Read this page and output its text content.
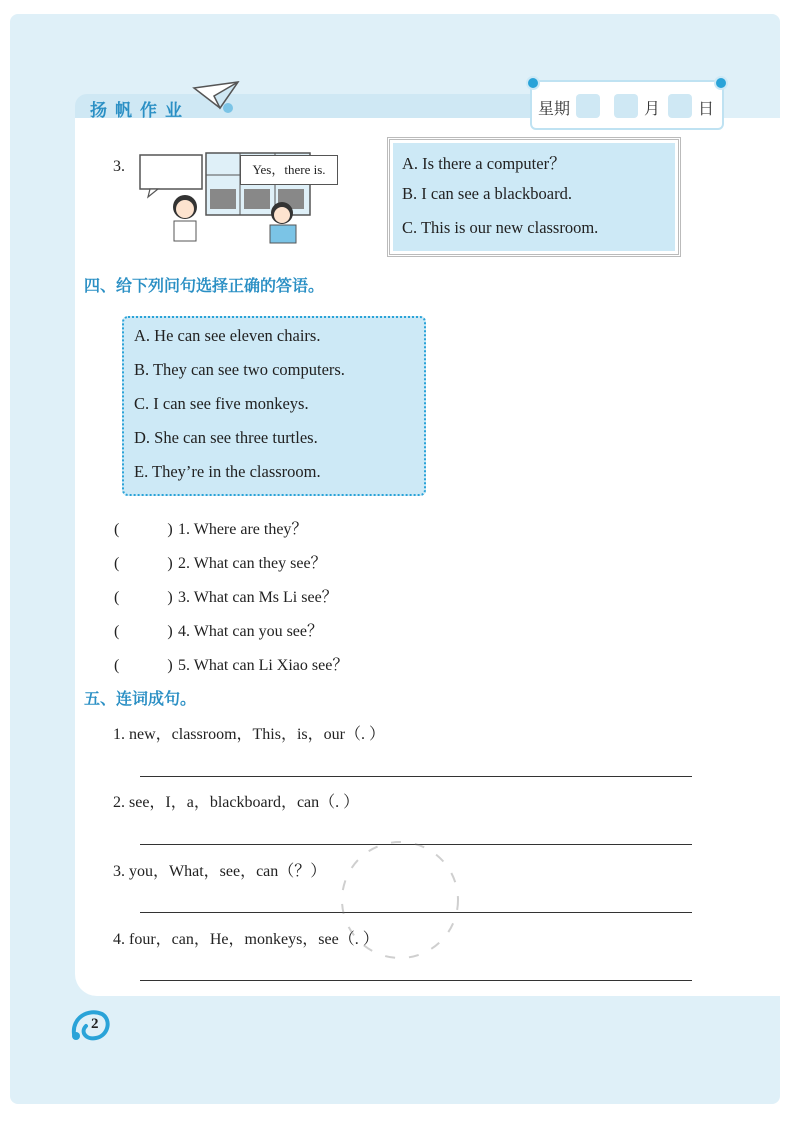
扬帆作业	星期	月 日
3.	Yes，there is.	A. Is there a computer？
B. I can see a blackboard.
C. This is our new classroom.
四、给下列问句选择正确的答语。
A. He can see eleven chairs.
B. They can see two computers.
C. I can see five monkeys.
D. She can see three turtles.
E. They’re in the classroom.
(　　　) 1. Where are they？
(　　　) 2. What can they see？
(　　　) 3. What can Ms Li see？
(　　　) 4. What can you see？
(　　　) 5. What can Li Xiao see？
五、连词成句。
1. new，classroom，This，is，our（. ）
2. see，I，a，blackboard，can（. ）
3. you，What，see，can（？）
4. four，can，He，monkeys，see（. ）
2
